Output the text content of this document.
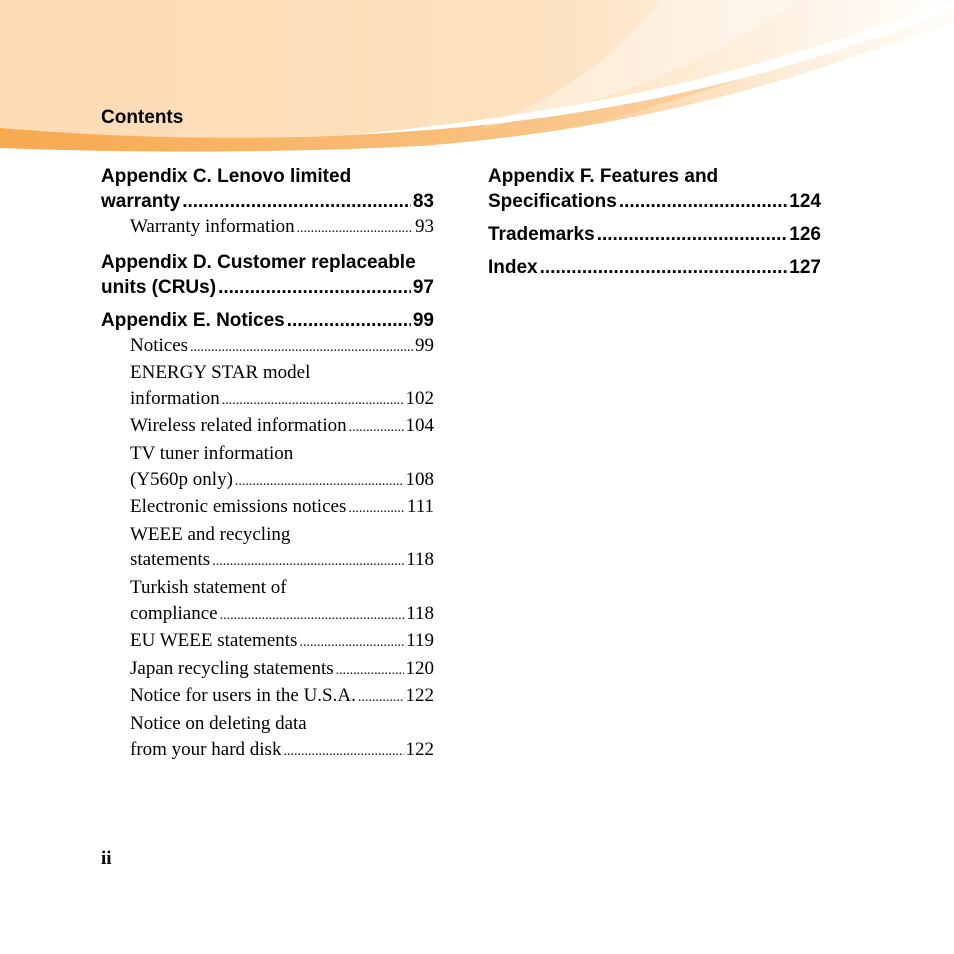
Contents
Appendix C. Lenovo limited
warranty .....	83
Warranty information .....	93
Appendix D. Customer replaceable
units (CRUs) .....	97
Appendix E. Notices .....	99
Notices .....	99
ENERGY STAR model
information .....	102
Wireless related information .....	104
TV tuner information
(Y560p only) .....	108
Electronic emissions notices .....	111
WEEE and recycling
statements .....	118
Turkish statement of
compliance .....	118
EU WEEE statements .....	119
Japan recycling statements .....	120
Notice for users in the U.S.A. .....	122
Notice on deleting data
from your hard disk .....	122
Appendix F. Features and
Specifications .....	124
Trademarks .....	126
Index .....	127
ii
